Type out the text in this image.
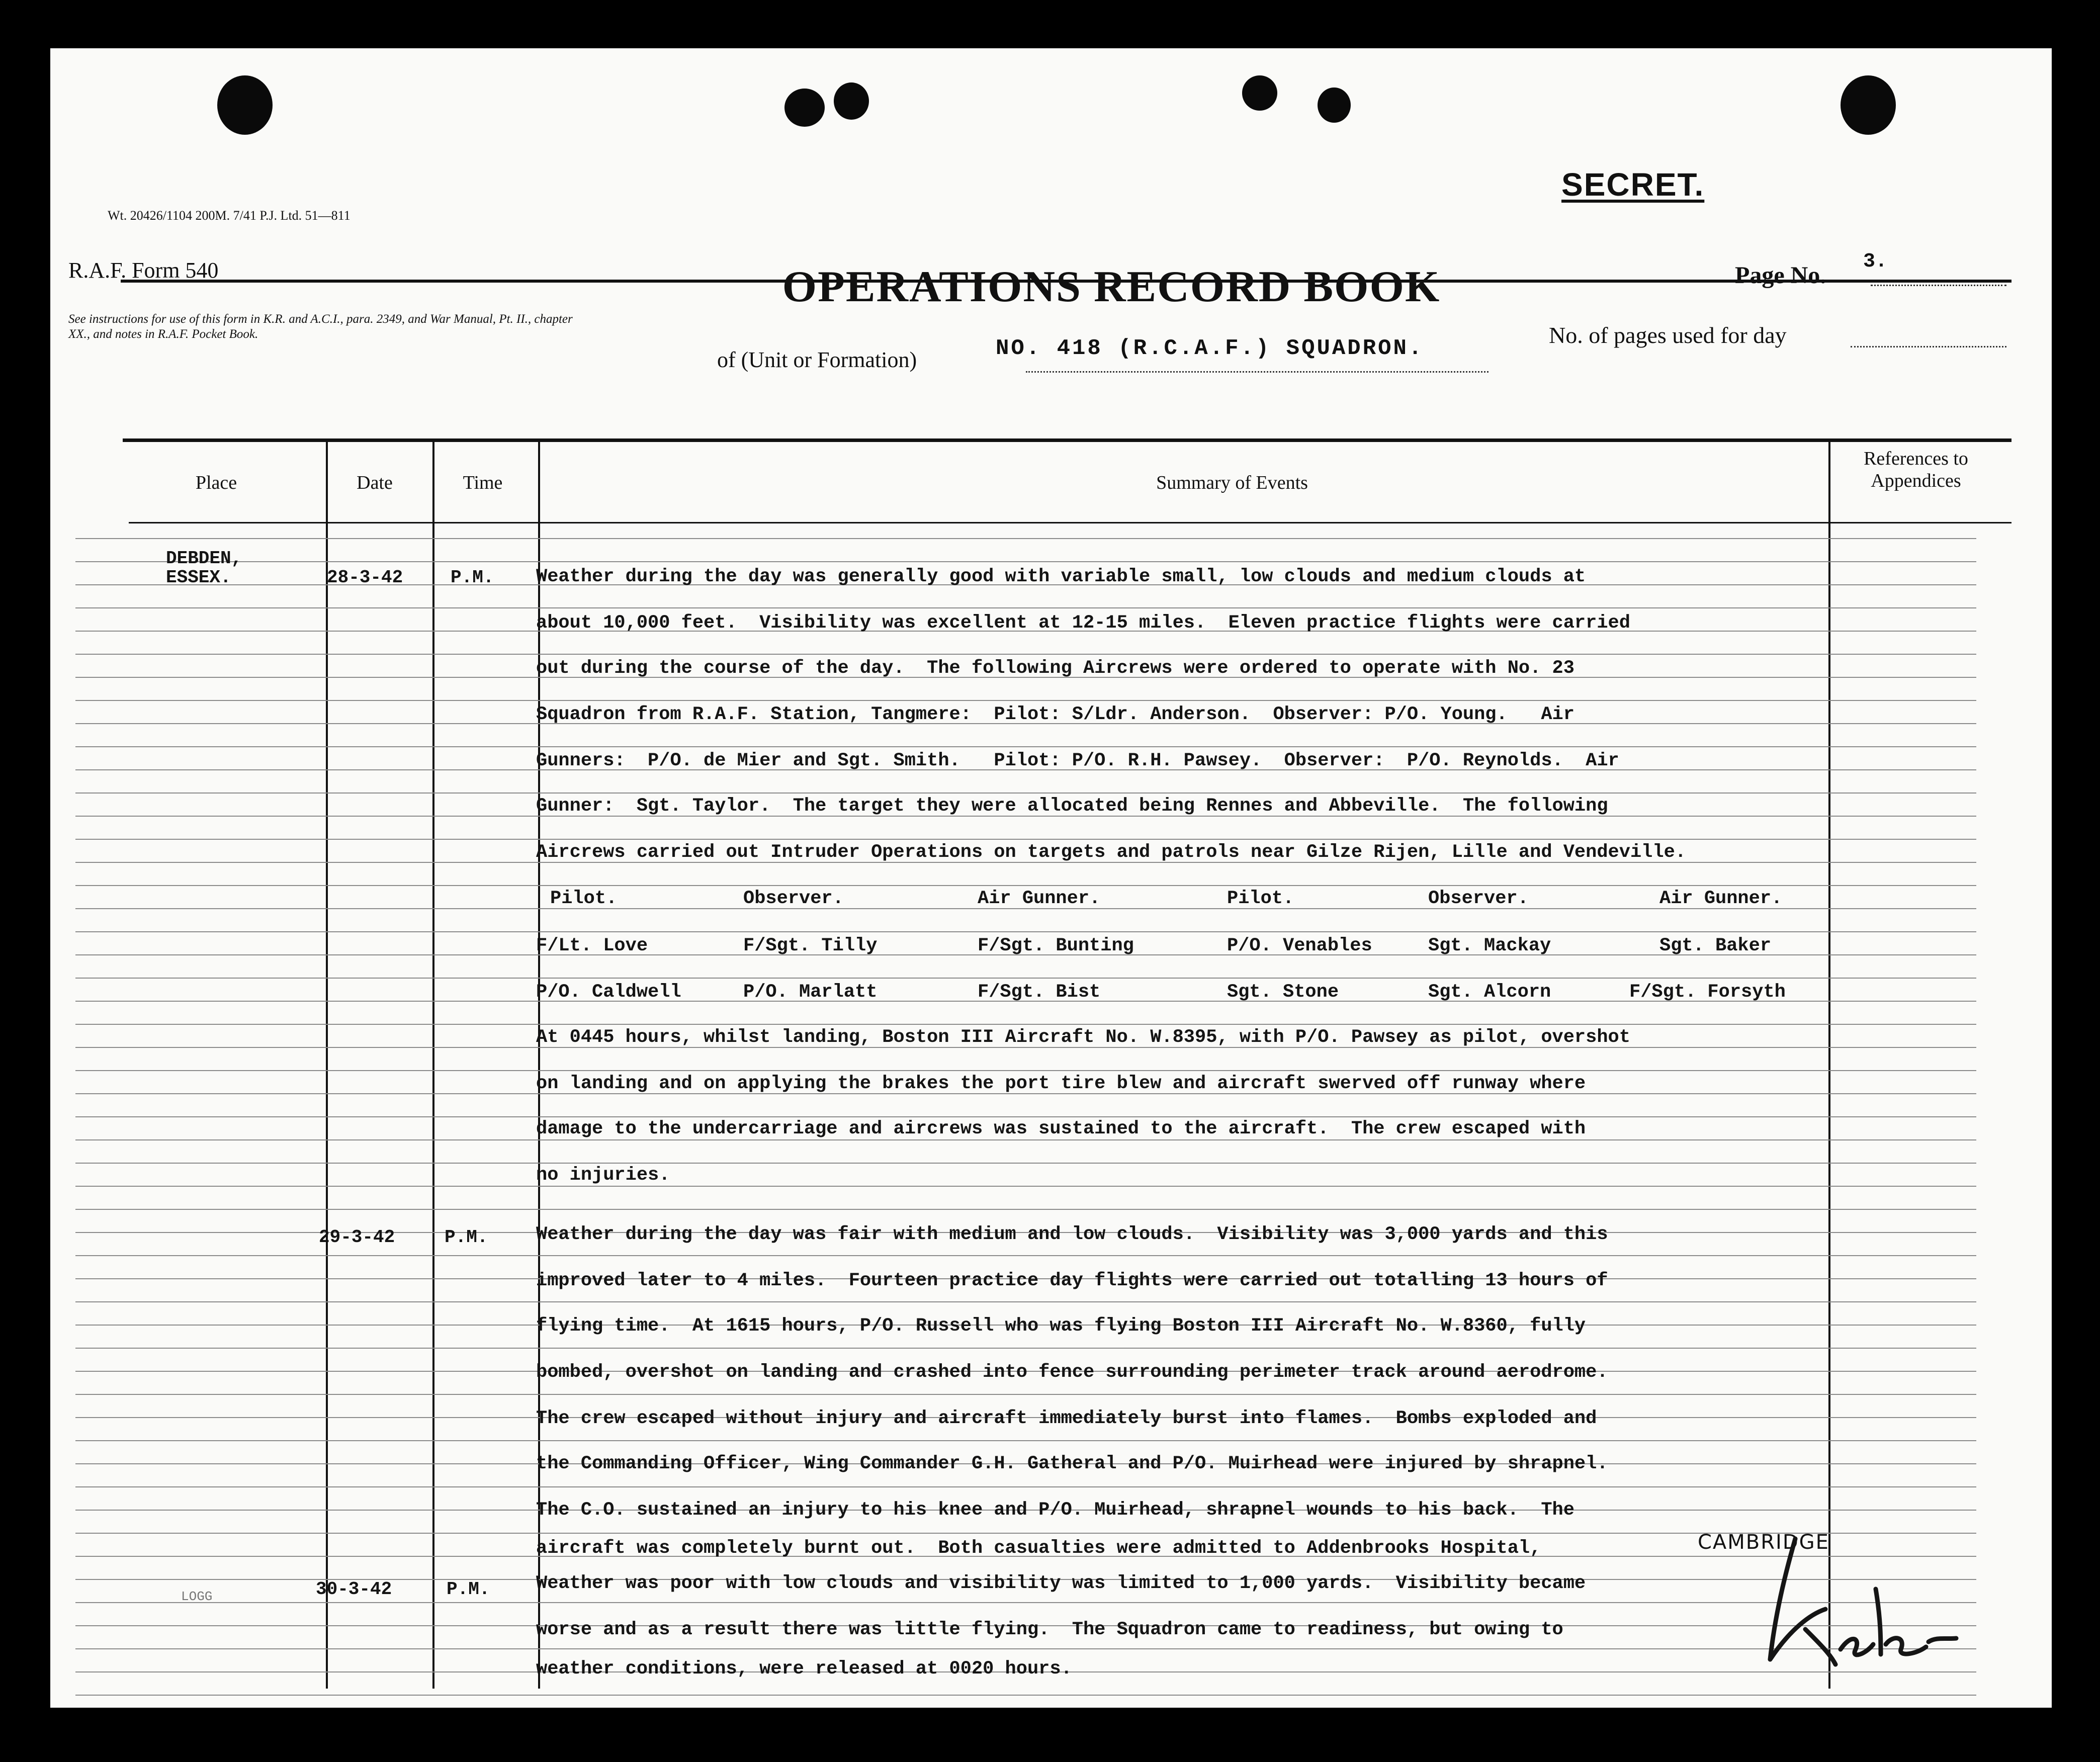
Wt. 20426/1104 200M. 7/41 P.J. Ltd. 51—811
SECRET.
R.A.F. Form 540
See instructions for use of this form in K.R. and A.C.I., para. 2349, and War Manual, Pt. II., chapter XX., and notes in R.A.F. Pocket Book.
OPERATIONS RECORD BOOK
of (Unit or Formation)	NO. 418 (R.C.A.F.) SQUADRON.
Page No.
3.
No. of pages used for day
Place	Date	Time	Summary of Events
References to Appendices
DEBDEN,
ESSEX.	28-3-42	P.M. Weather during the day was generally good with variable small, low clouds and medium clouds at
about 10,000 feet.  Visibility was excellent at 12-15 miles.  Eleven practice flights were carried
out during the course of the day.  The following Aircrews were ordered to operate with No. 23
Squadron from R.A.F. Station, Tangmere:  Pilot: S/Ldr. Anderson.  Observer: P/O. Young.   Air
Gunners:  P/O. de Mier and Sgt. Smith.   Pilot: P/O. R.H. Pawsey.  Observer:  P/O. Reynolds.  Air
Gunner:  Sgt. Taylor.  The target they were allocated being Rennes and Abbeville.  The following
Aircrews carried out Intruder Operations on targets and patrols near Gilze Rijen, Lille and Vendeville.
Pilot.	Observer.	Air Gunner.	Pilot.	Observer.	Air Gunner.
F/Lt. Love	F/Sgt. Tilly	F/Sgt. Bunting	P/O. Venables	Sgt. Mackay	Sgt. Baker
P/O. Caldwell	P/O. Marlatt	F/Sgt. Bist	Sgt. Stone	Sgt. Alcorn	F/Sgt. Forsyth
At 0445 hours, whilst landing, Boston III Aircraft No. W.8395, with P/O. Pawsey as pilot, overshot
on landing and on applying the brakes the port tire blew and aircraft swerved off runway where
damage to the undercarriage and aircrews was sustained to the aircraft.  The crew escaped with
no injuries.
29-3-42	P.M.	Weather during the day was fair with medium and low clouds.  Visibility was 3,000 yards and this
improved later to 4 miles.  Fourteen practice day flights were carried out totalling 13 hours of
flying time.  At 1615 hours, P/O. Russell who was flying Boston III Aircraft No. W.8360, fully
bombed, overshot on landing and crashed into fence surrounding perimeter track around aerodrome.
The crew escaped without injury and aircraft immediately burst into flames.  Bombs exploded and
the Commanding Officer, Wing Commander G.H. Gatheral and P/O. Muirhead were injured by shrapnel.
The C.O. sustained an injury to his knee and P/O. Muirhead, shrapnel wounds to his back.  The
aircraft was completely burnt out.  Both casualties were admitted to Addenbrooks Hospital,	CAMBRIDGE
LOGG	30-3-42	P.M. Weather was poor with low clouds and visibility was limited to 1,000 yards.  Visibility became
worse and as a result there was little flying.  The Squadron came to readiness, but owing to
weather conditions, were released at 0020 hours.
